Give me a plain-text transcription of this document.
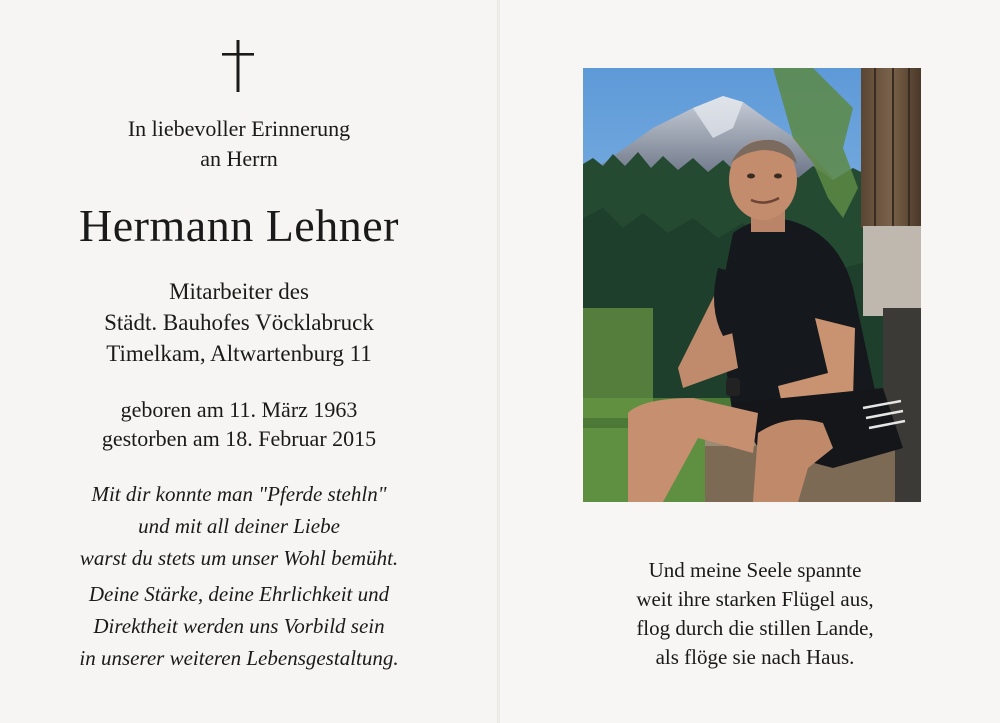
In liebevoller Erinnerung
an Herrn
Hermann Lehner
Mitarbeiter des
Städt. Bauhofes Vöcklabruck
Timelkam, Altwartenburg 11
geboren am 11. März 1963
gestorben am 18. Februar 2015
Mit dir konnte man "Pferde stehln"
und mit all deiner Liebe
warst du stets um unser Wohl bemüht.
Deine Stärke, deine Ehrlichkeit und
Direktheit werden uns Vorbild sein
in unserer weiteren Lebensgestaltung.
Und meine Seele spannte
weit ihre starken Flügel aus,
flog durch die stillen Lande,
als flöge sie nach Haus.
